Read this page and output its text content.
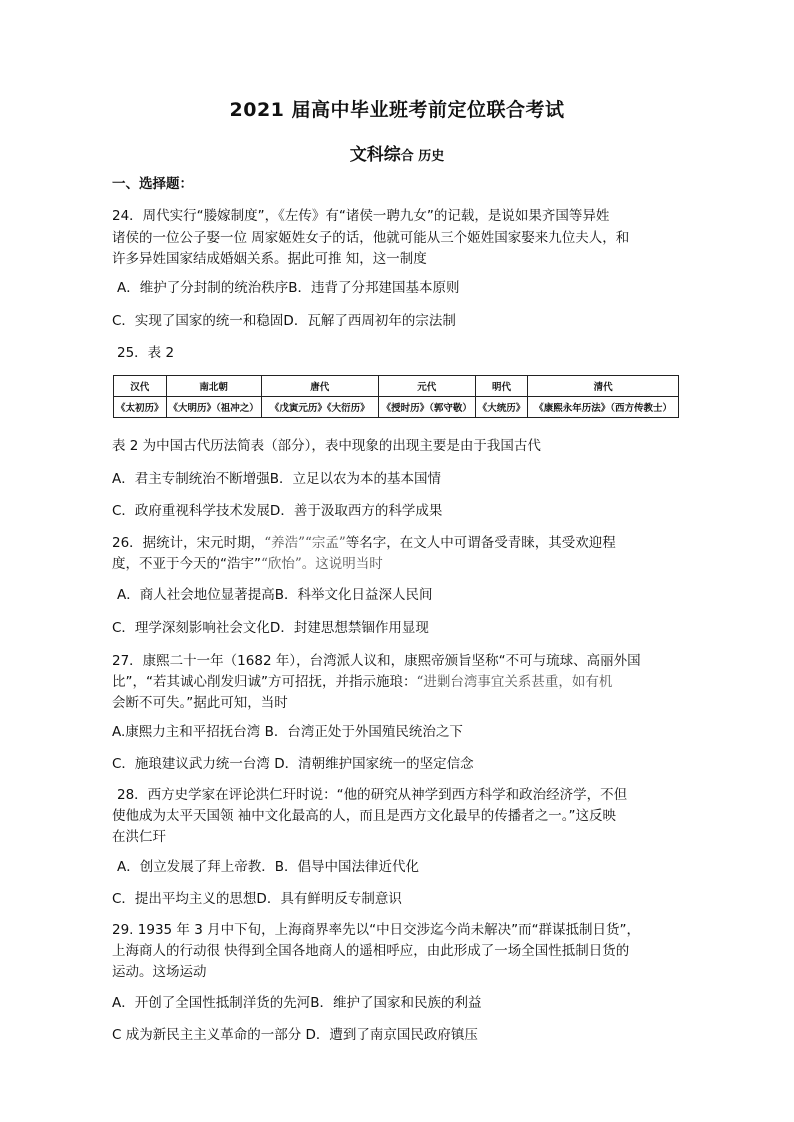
2021 届高中毕业班考前定位联合考试
文科综合 历史
一、选择题：
24．周代实行“媵嫁制度”，《左传》有“诸侯一聘九女”的记载，是说如果齐国等异姓
诸侯的一位公子娶一位 周家姬姓女子的话，他就可能从三个姬姓国家娶来九位夫人，和
许多异姓国家结成婚姻关系。据此可推 知，这一制度
A．维护了分封制的统治秩序B．违背了分邦建国基本原则
C．实现了国家的统一和稳固D．瓦解了西周初年的宗法制
25．表 2
汉代	南北朝	唐代	元代	明代	清代
《太初历》	《大明历》（祖冲之）	《戊寅元历》《大衍历》	《授时历》（郭守敬）	《大统历》	《康熙永年历法》（西方传教士）
表 2 为中国古代历法简表（部分），表中现象的出现主要是由于我国古代
A．君主专制统治不断增强B．立足以农为本的基本国情
C．政府重视科学技术发展D．善于汲取西方的科学成果
26．据统计，宋元时期，“养浩”“宗孟”等名字，在文人中可谓备受青睐，其受欢迎程
度，不亚于今天的“浩宇”“欣怡”。这说明当时
A．商人社会地位显著提高B．科举文化日益深人民间
C．理学深刻影响社会文化D．封建思想禁锢作用显现
27．康熙二十一年（1682 年），台湾派人议和，康熙帝颁旨坚称“不可与琉球、高丽外国
比”，“若其诚心削发归诚”方可招抚，并指示施琅：“进剿台湾事宜关系甚重，如有机
会断不可失。”据此可知，当时
A.康熙力主和平招抚台湾 B．台湾正处于外国殖民统治之下
C．施琅建议武力统一台湾 D．清朝维护国家统一的坚定信念
28．西方史学家在评论洪仁玕时说：“他的研究从神学到西方科学和政治经济学，不但
使他成为太平天国领 袖中文化最高的人，而且是西方文化最早的传播者之一。”这反映
在洪仁玕
A．创立发展了拜上帝教．B．倡导中国法律近代化
C．提出平均主义的思想D．具有鲜明反专制意识
29. 1935 年 3 月中下旬，上海商界率先以“中日交涉迄今尚未解决”而“群谋抵制日货”，
上海商人的行动很 快得到全国各地商人的遥相呼应，由此形成了一场全国性抵制日货的
运动。这场运动
A．开创了全国性抵制洋货的先河B．维护了国家和民族的利益
C 成为新民主主义革命的一部分 D．遭到了南京国民政府镇压
